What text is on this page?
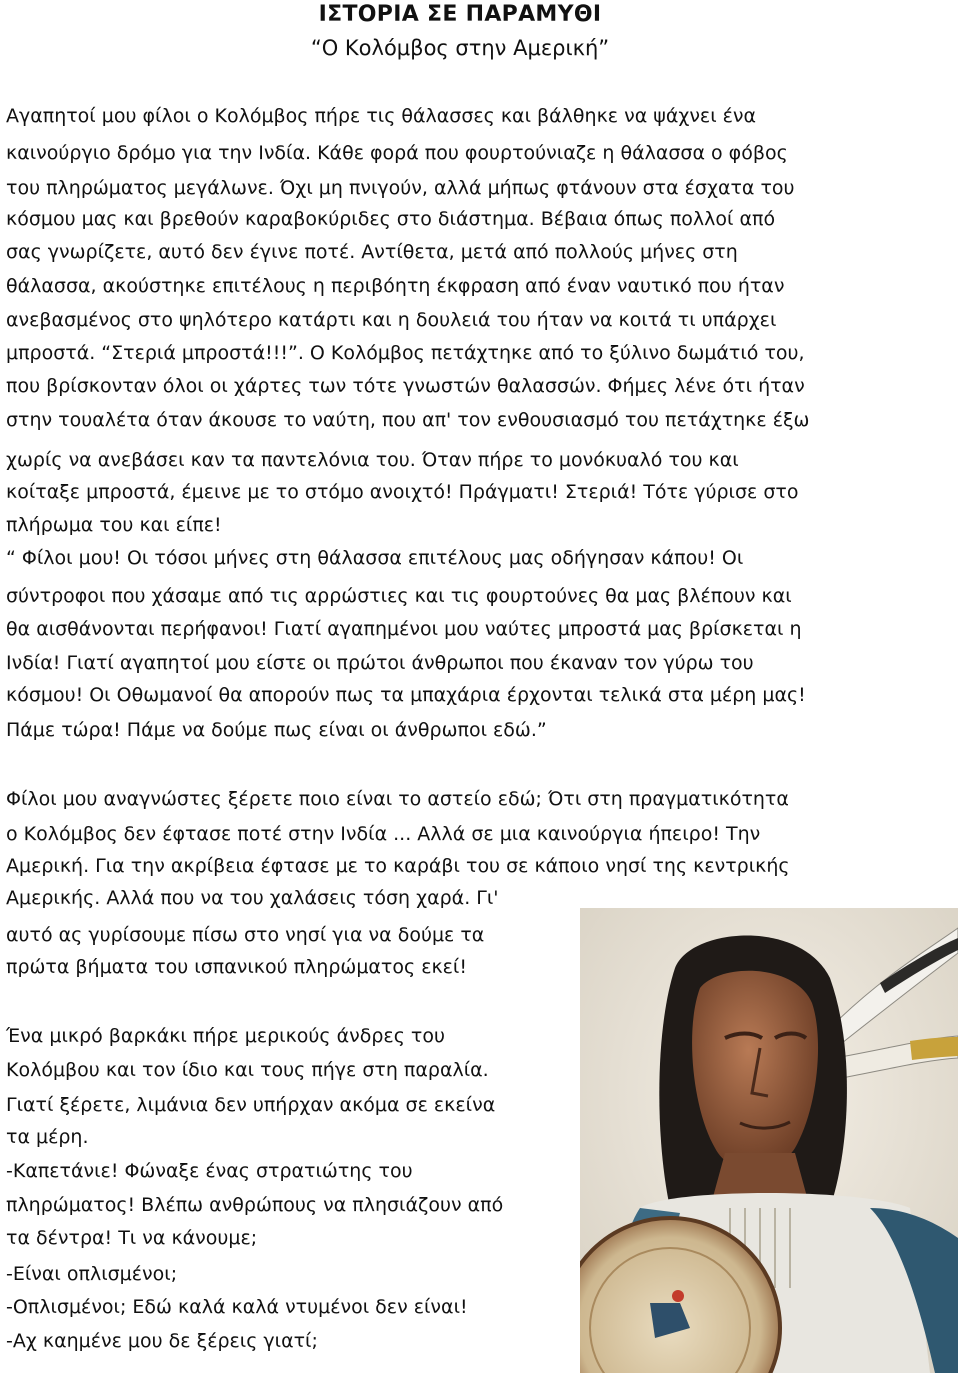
ΙΣΤΟΡΙΑ ΣΕ ΠΑΡΑΜΥΘΙ
“Ο Κολόμβος στην Αμερική”
Αγαπητοί μου φίλοι ο Κολόμβος πήρε τις θάλασσες και βάλθηκε να ψάχνει ένα
καινούργιο δρόμο για την Ινδία. Κάθε φορά που φουρτούνιαζε η θάλασσα ο φόβος
του πληρώματος μεγάλωνε. Όχι μη πνιγούν, αλλά μήπως φτάνουν στα έσχατα του
κόσμου μας και βρεθούν καραβοκύριδες στο διάστημα. Βέβαια όπως πολλοί από
σας γνωρίζετε, αυτό δεν έγινε ποτέ. Αντίθετα, μετά από πολλούς μήνες στη
θάλασσα, ακούστηκε επιτέλους η περιβόητη έκφραση από έναν ναυτικό που ήταν
ανεβασμένος στο ψηλότερο κατάρτι και η δουλειά του ήταν να κοιτά τι υπάρχει
μπροστά. “Στεριά μπροστά!!!”. Ο Κολόμβος πετάχτηκε από το ξύλινο δωμάτιό του,
που βρίσκονταν όλοι οι χάρτες των τότε γνωστών θαλασσών. Φήμες λένε ότι ήταν
στην τουαλέτα όταν άκουσε το ναύτη, που απ' τον ενθουσιασμό του πετάχτηκε έξω
χωρίς να ανεβάσει καν τα παντελόνια του. Όταν πήρε το μονόκυαλό του και
κοίταξε μπροστά, έμεινε με το στόμο ανοιχτό! Πράγματι! Στεριά! Τότε γύρισε στο
πλήρωμα του και είπε!
“ Φίλοι μου! Οι τόσοι μήνες στη θάλασσα επιτέλους μας οδήγησαν κάπου! Οι
σύντροφοι που χάσαμε από τις αρρώστιες και τις φουρτούνες θα μας βλέπουν και
θα αισθάνονται περήφανοι! Γιατί αγαπημένοι μου ναύτες μπροστά μας βρίσκεται η
Ινδία! Γιατί αγαπητοί μου είστε οι πρώτοι άνθρωποι που έκαναν τον γύρω του
κόσμου! Οι Οθωμανοί θα απορούν πως τα μπαχάρια έρχονται τελικά στα μέρη μας!
Πάμε τώρα! Πάμε να δούμε πως είναι οι άνθρωποι εδώ.”
Φίλοι μου αναγνώστες ξέρετε ποιο είναι το αστείο εδώ; Ότι στη πραγματικότητα
ο Κολόμβος δεν έφτασε ποτέ στην Ινδία ... Αλλά σε μια καινούργια ήπειρο! Την
Αμερική. Για την ακρίβεια έφτασε με το καράβι του σε κάποιο νησί της κεντρικής
Αμερικής. Αλλά που να του χαλάσεις τόση χαρά. Γι'
αυτό ας γυρίσουμε πίσω στο νησί για να δούμε τα
πρώτα βήματα του ισπανικού πληρώματος εκεί!
Ένα μικρό βαρκάκι πήρε μερικούς άνδρες του
Κολόμβου και τον ίδιο και τους πήγε στη παραλία.
Γιατί ξέρετε, λιμάνια δεν υπήρχαν ακόμα σε εκείνα
τα μέρη.
-Καπετάνιε! Φώναξε ένας στρατιώτης του
πληρώματος! Βλέπω ανθρώπους να πλησιάζουν από
τα δέντρα! Τι να κάνουμε;
-Είναι οπλισμένοι;
-Οπλισμένοι; Εδώ καλά καλά ντυμένοι δεν είναι!
-Αχ καημένε μου δε ξέρεις γιατί;
